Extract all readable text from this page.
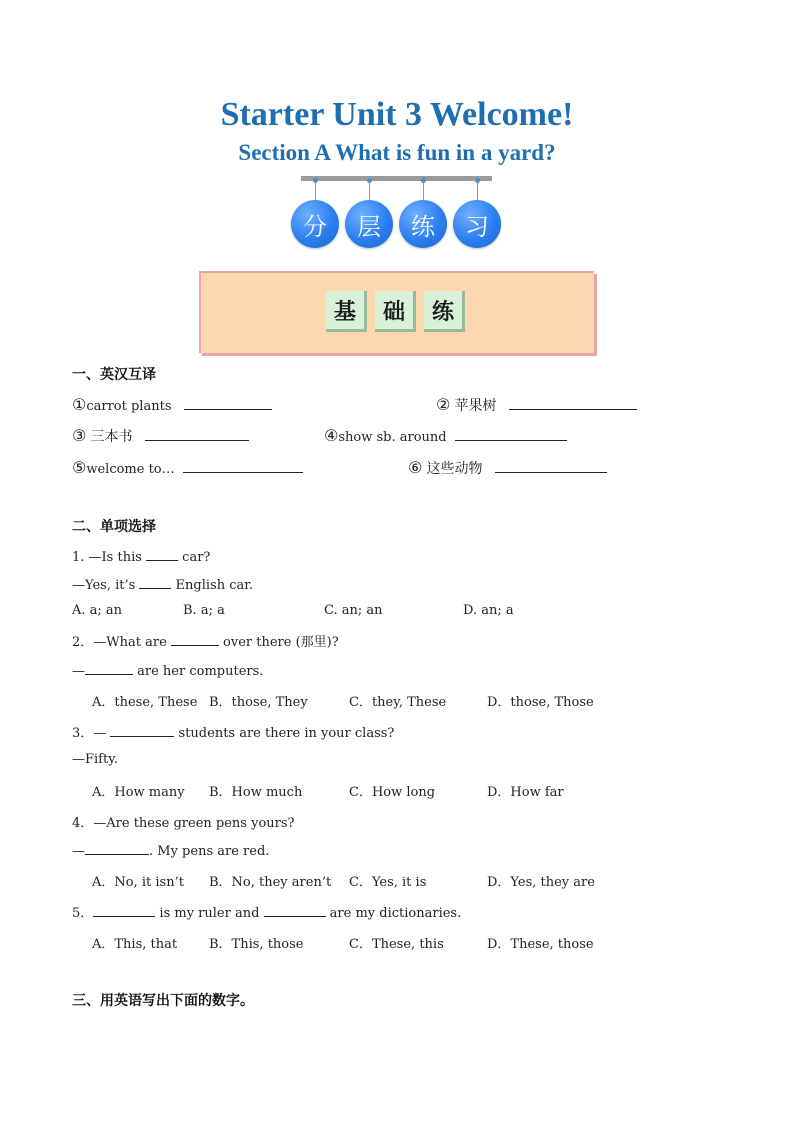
Starter Unit 3 Welcome!
Section A What is fun in a yard?
分	层	练	习
基	础	练
一、英汉互译
①carrot plants	② 苹果树
③ 三本书	④show sb. around
⑤welcome to…	⑥ 这些动物
二、单项选择
1. —Is this  car?
—Yes, it’s  English car.
A. a; an	B. a; a	C. an; an	D. an; a
2．—What are	over there (那里)?
—	are her computers.
A．these, These B．those, They	C．they, These	D．those, Those
3．—	students are there in your class?
—Fifty.
A．How many B．How much	C．How long	D．How far
4．—Are these green pens yours?
—	. My pens are red.
A．No, it isn’t B．No, they aren’t C．Yes, it is	D．Yes, they are
5．	is my ruler and	are my dictionaries.
A．This, that B．This, those	C．These, this	D．These, those
三、用英语写出下面的数字。
